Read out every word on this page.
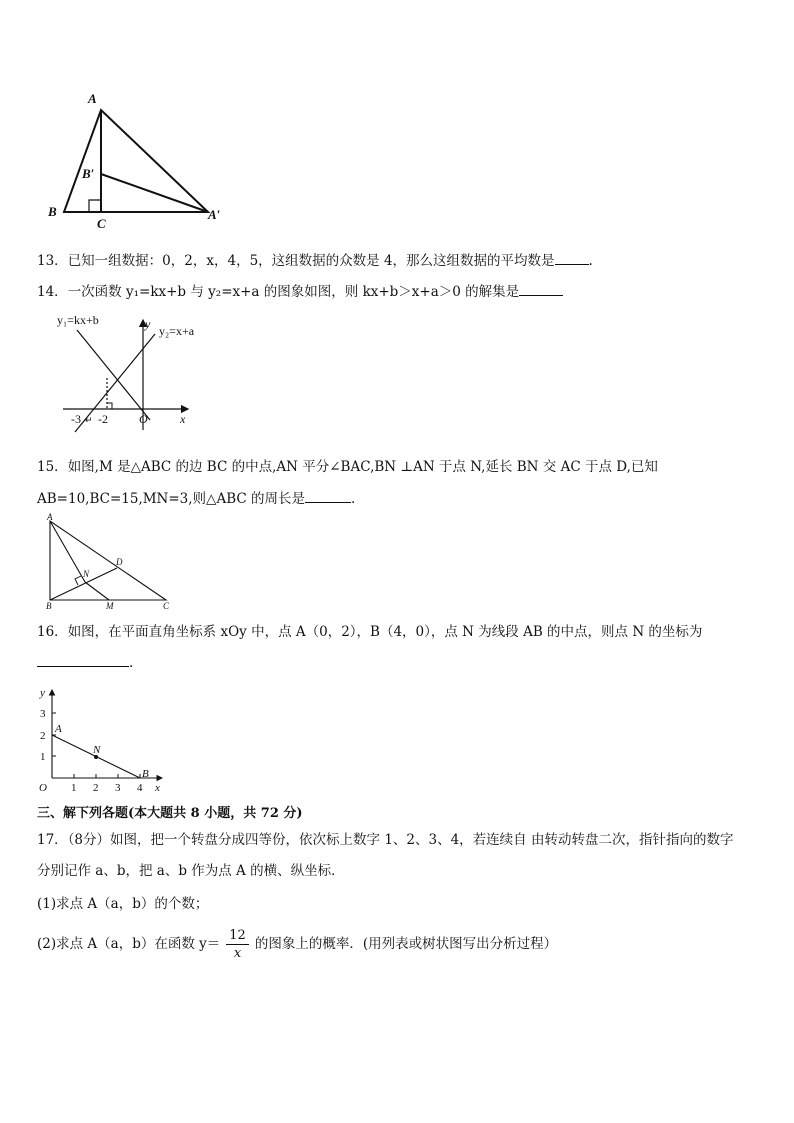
A
B′
B
C
A′
13．已知一组数据：0，2，x，4，5，这组数据的众数是 4，那么这组数据的平均数是	.
14．一次函数 y₁=kx+b 与 y₂=x+a 的图象如图，则 kx+b＞x+a＞0 的解集是
y₁=kx+b
y₂=x+a
y
x
O
-3 ↵ -2
15．如图,M 是△ABC 的边 BC 的中点,AN 平分∠BAC,BN ⊥AN 于点 N,延长 BN 交 AC 于点 D,已知
AB=10,BC=15,MN=3,则△ABC 的周长是	.
A
N
D
B	M	C
16．如图，在平面直角坐标系 xOy 中，点 A（0，2），B（4，0），点 N 为线段 AB 的中点，则点 N 的坐标为
.
y
3
2
1
O 1 2 3 4 x
A
N
B
三、解下列各题(本大题共 8 小题，共 72 分)
17．（8分）如图，把一个转盘分成四等份，依次标上数字 1、2、3、4，若连续自 由转动转盘二次，指针指向的数字
分别记作 a、b，把 a、b 作为点 A 的横、纵坐标．
(1)求点 A（a，b）的个数；
(2)求点 A（a，b）在函数 $y= \frac{12}{x}$ 的图象上的概率．(用列表或树状图写出分析过程）
